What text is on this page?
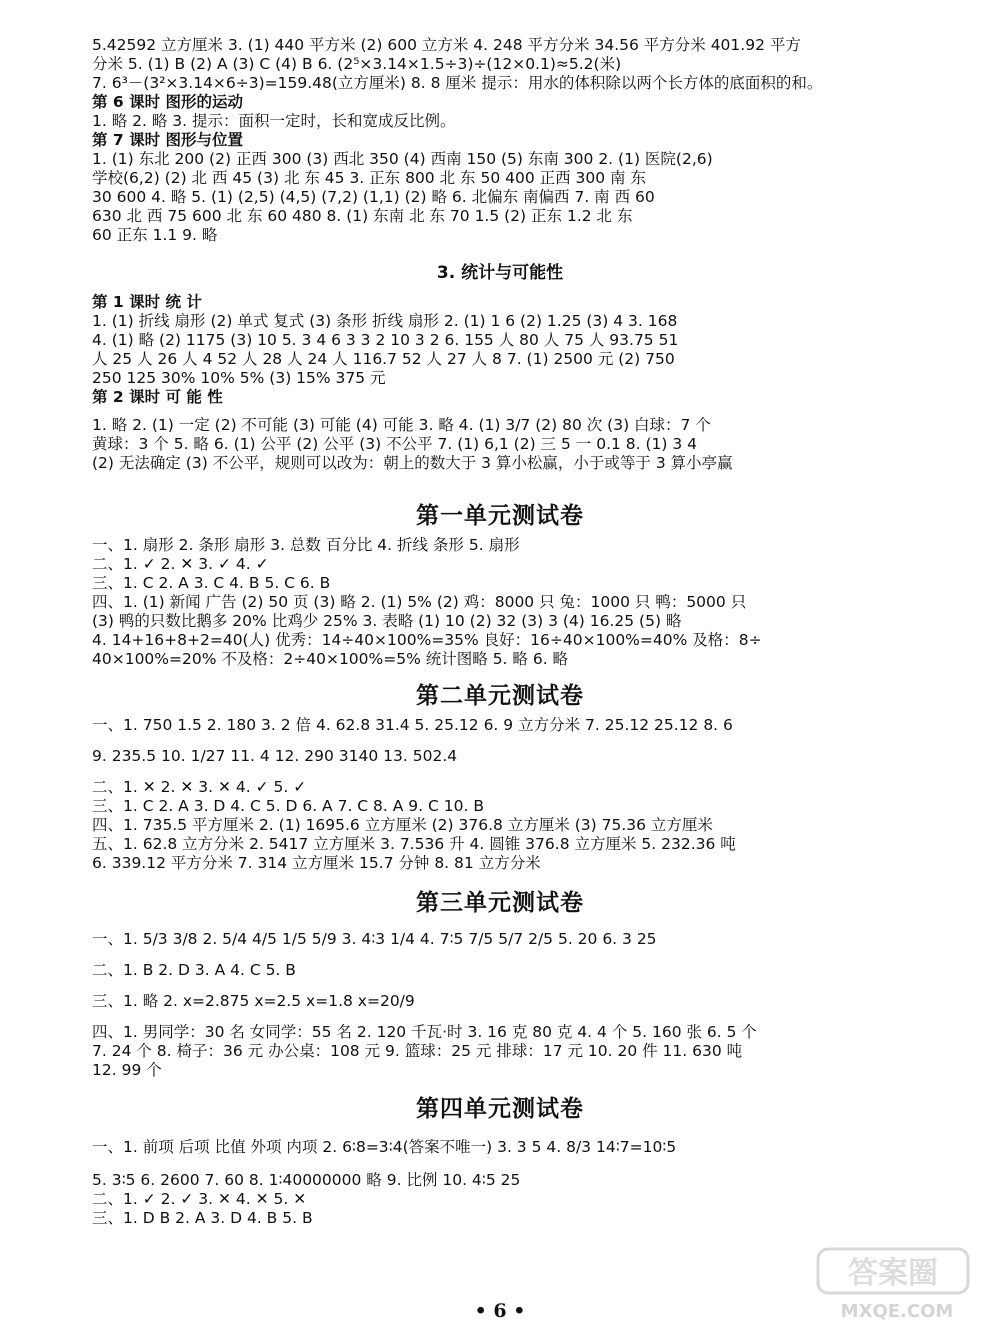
5.42592 立方厘米 3. (1) 440 平方米 (2) 600 立方米 4. 248 平方分米 34.56 平方分米 401.92 平方
分米 5. (1) B (2) A (3) C (4) B 6. (2⁵×3.14×1.5÷3)÷(12×0.1)≈5.2(米)
7. 6³－(3²×3.14×6÷3)=159.48(立方厘米) 8. 8 厘米 提示：用水的体积除以两个长方体的底面积的和。
第 6 课时 图形的运动
1. 略 2. 略 3. 提示：面积一定时，长和宽成反比例。
第 7 课时 图形与位置
1. (1) 东北 200 (2) 正西 300 (3) 西北 350 (4) 西南 150 (5) 东南 300 2. (1) 医院(2,6)
学校(6,2) (2) 北 西 45 (3) 北 东 45 3. 正东 800 北 东 50 400 正西 300 南 东
30 600 4. 略 5. (1) (2,5) (4,5) (7,2) (1,1) (2) 略 6. 北偏东 南偏西 7. 南 西 60
630 北 西 75 600 北 东 60 480 8. (1) 东南 北 东 70 1.5 (2) 正东 1.2 北 东
60 正东 1.1 9. 略
3. 统计与可能性
第 1 课时 统 计
1. (1) 折线 扇形 (2) 单式 复式 (3) 条形 折线 扇形 2. (1) 1 6 (2) 1.25 (3) 4 3. 168
4. (1) 略 (2) 1175 (3) 10 5. 3 4 6 3 3 2 10 3 2 6. 155 人 80 人 75 人 93.75 51
人 25 人 26 人 4 52 人 28 人 24 人 116.7 52 人 27 人 8 7. (1) 2500 元 (2) 750
250 125 30% 10% 5% (3) 15% 375 元
第 2 课时 可 能 性
1. 略 2. (1) 一定 (2) 不可能 (3) 可能 (4) 可能 3. 略 4. (1) 3/7 (2) 80 次 (3) 白球：7 个
黄球：3 个 5. 略 6. (1) 公平 (2) 公平 (3) 不公平 7. (1) 6,1 (2) 三 5 一 0.1 8. (1) 3 4
(2) 无法确定 (3) 不公平，规则可以改为：朝上的数大于 3 算小松赢，小于或等于 3 算小亭赢
第一单元测试卷
一、1. 扇形 2. 条形 扇形 3. 总数 百分比 4. 折线 条形 5. 扇形
二、1. ✓ 2. ✕ 3. ✓ 4. ✓
三、1. C 2. A 3. C 4. B 5. C 6. B
四、1. (1) 新闻 广告 (2) 50 页 (3) 略 2. (1) 5% (2) 鸡：8000 只 兔：1000 只 鸭：5000 只
(3) 鸭的只数比鹅多 20% 比鸡少 25% 3. 表略 (1) 10 (2) 32 (3) 3 (4) 16.25 (5) 略
4. 14+16+8+2=40(人) 优秀：14÷40×100%=35% 良好：16÷40×100%=40% 及格：8÷
40×100%=20% 不及格：2÷40×100%=5% 统计图略 5. 略 6. 略
第二单元测试卷
一、1. 750 1.5 2. 180 3. 2 倍 4. 62.8 31.4 5. 25.12 6. 9 立方分米 7. 25.12 25.12 8. 6
9. 235.5 10. 1/27 11. 4 12. 290 3140 13. 502.4
二、1. ✕ 2. ✕ 3. ✕ 4. ✓ 5. ✓
三、1. C 2. A 3. D 4. C 5. D 6. A 7. C 8. A 9. C 10. B
四、1. 735.5 平方厘米 2. (1) 1695.6 立方厘米 (2) 376.8 立方厘米 (3) 75.36 立方厘米
五、1. 62.8 立方分米 2. 5417 立方厘米 3. 7.536 升 4. 圆锥 376.8 立方厘米 5. 232.36 吨
6. 339.12 平方分米 7. 314 立方厘米 15.7 分钟 8. 81 立方分米
第三单元测试卷
一、1. 5/3 3/8 2. 5/4 4/5 1/5 5/9 3. 4∶3 1/4 4. 7∶5 7/5 5/7 2/5 5. 20 6. 3 25
二、1. B 2. D 3. A 4. C 5. B
三、1. 略 2. x=2.875 x=2.5 x=1.8 x=20/9
四、1. 男同学：30 名 女同学：55 名 2. 120 千瓦·时 3. 16 克 80 克 4. 4 个 5. 160 张 6. 5 个
7. 24 个 8. 椅子：36 元 办公桌：108 元 9. 篮球：25 元 排球：17 元 10. 20 件 11. 630 吨
12. 99 个
第四单元测试卷
一、1. 前项 后项 比值 外项 内项 2. 6∶8=3∶4(答案不唯一) 3. 3 5 4. 8/3 14∶7=10∶5
5. 3∶5 6. 2600 7. 60 8. 1∶40000000 略 9. 比例 10. 4∶5 25
二、1. ✓ 2. ✓ 3. ✕ 4. ✕ 5. ✕
三、1. D B 2. A 3. D 4. B 5. B
• 6 •
答案圈
MXQE.COM
